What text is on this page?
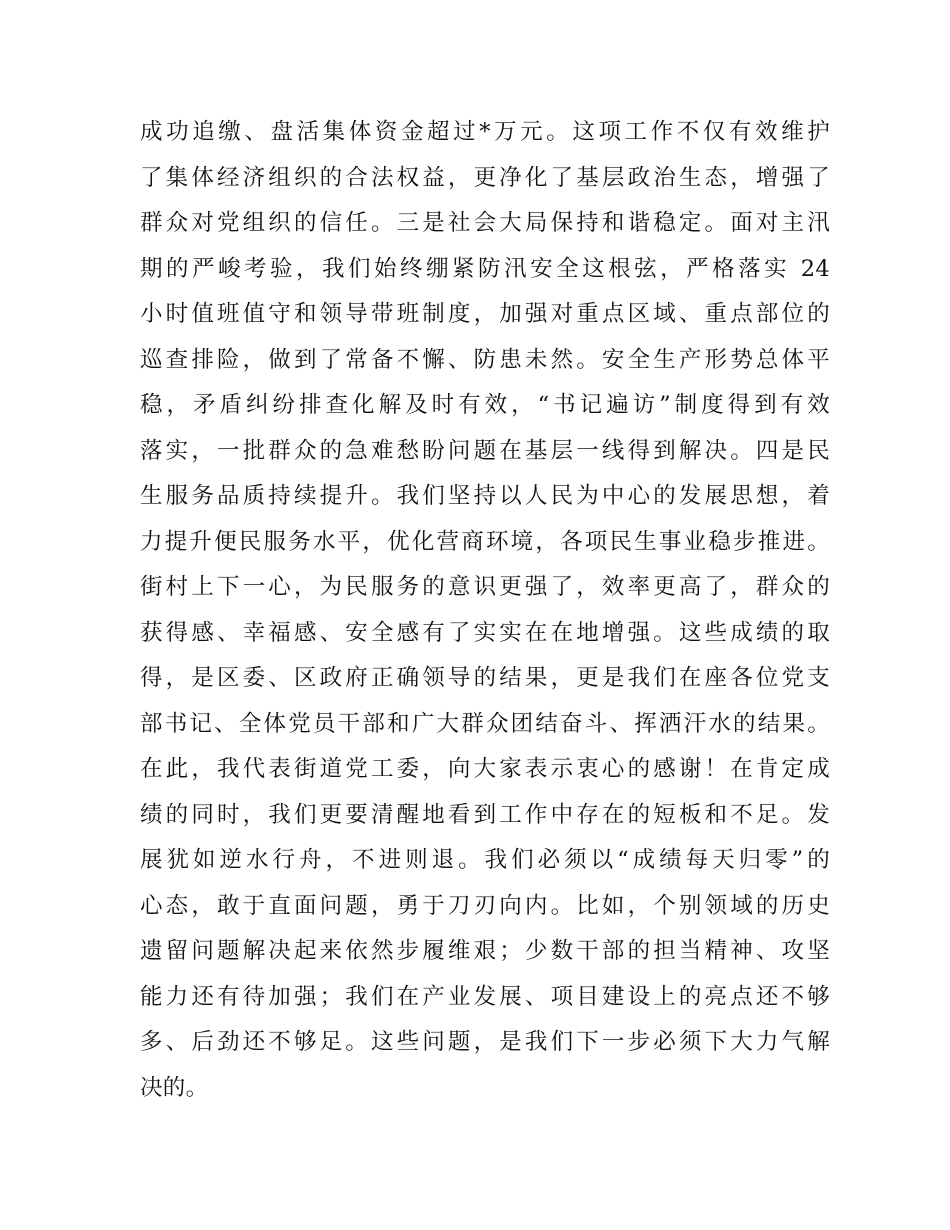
成功追缴、盘活集体资金超过*万元。这项工作不仅有效维护
了集体经济组织的合法权益，更净化了基层政治生态，增强了
群众对党组织的信任。三是社会大局保持和谐稳定。面对主汛
期的严峻考验，我们始终绷紧防汛安全这根弦，严格落实 24
小时值班值守和领导带班制度，加强对重点区域、重点部位的
巡查排险，做到了常备不懈、防患未然。安全生产形势总体平
稳，矛盾纠纷排查化解及时有效，“书记遍访”制度得到有效
落实，一批群众的急难愁盼问题在基层一线得到解决。四是民
生服务品质持续提升。我们坚持以人民为中心的发展思想，着
力提升便民服务水平，优化营商环境，各项民生事业稳步推进。
街村上下一心，为民服务的意识更强了，效率更高了，群众的
获得感、幸福感、安全感有了实实在在地增强。这些成绩的取
得，是区委、区政府正确领导的结果，更是我们在座各位党支
部书记、全体党员干部和广大群众团结奋斗、挥洒汗水的结果。
在此，我代表街道党工委，向大家表示衷心的感谢！在肯定成
绩的同时，我们更要清醒地看到工作中存在的短板和不足。发
展犹如逆水行舟，不进则退。我们必须以“成绩每天归零”的
心态，敢于直面问题，勇于刀刃向内。比如，个别领域的历史
遗留问题解决起来依然步履维艰；少数干部的担当精神、攻坚
能力还有待加强；我们在产业发展、项目建设上的亮点还不够
多、后劲还不够足。这些问题，是我们下一步必须下大力气解
决的。
